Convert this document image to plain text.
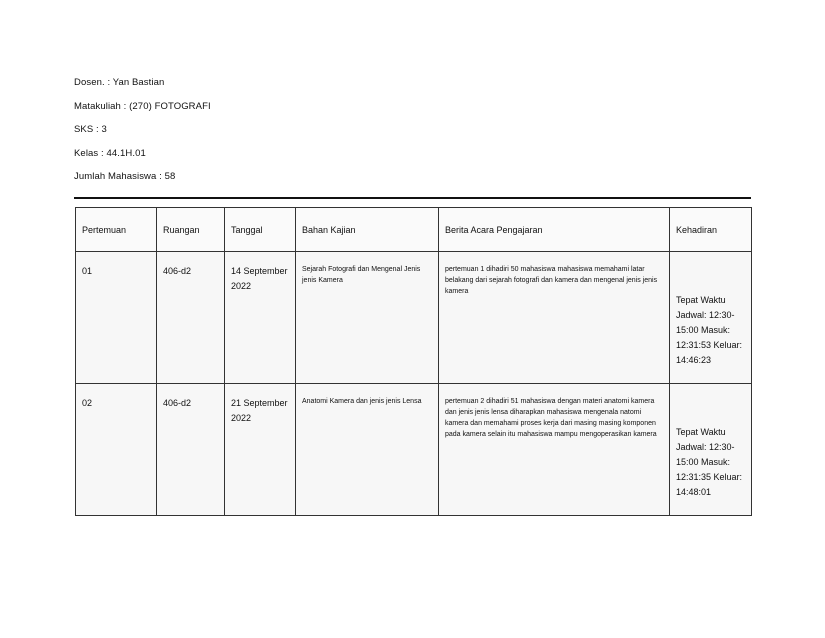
Dosen. : Yan Bastian
Matakuliah : (270) FOTOGRAFI
SKS : 3
Kelas : 44.1H.01
Jumlah Mahasiswa : 58
Pertemuan	Ruangan	Tanggal	Bahan Kajian	Berita Acara Pengajaran	Kehadiran
01	406-d2	14 September 2022	Sejarah Fotografi dan Mengenal Jenis jenis Kamera	pertemuan 1 dihadiri 50 mahasiswa mahasiswa memahami latar belakang dari sejarah fotografi dan kamera dan mengenal jenis jenis kamera	Tepat Waktu Jadwal: 12:30-15:00 Masuk: 12:31:53 Keluar: 14:46:23
02	406-d2	21 September 2022	Anatomi Kamera dan jenis jenis Lensa	pertemuan 2 dihadiri 51 mahasiswa dengan materi anatomi kamera dan jenis jenis lensa diharapkan mahasiswa mengenala natomi kamera dan memahami proses kerja dari masing masing komponen pada kamera selain itu mahasiswa mampu mengoperasikan kamera	Tepat Waktu Jadwal: 12:30-15:00 Masuk: 12:31:35 Keluar: 14:48:01
